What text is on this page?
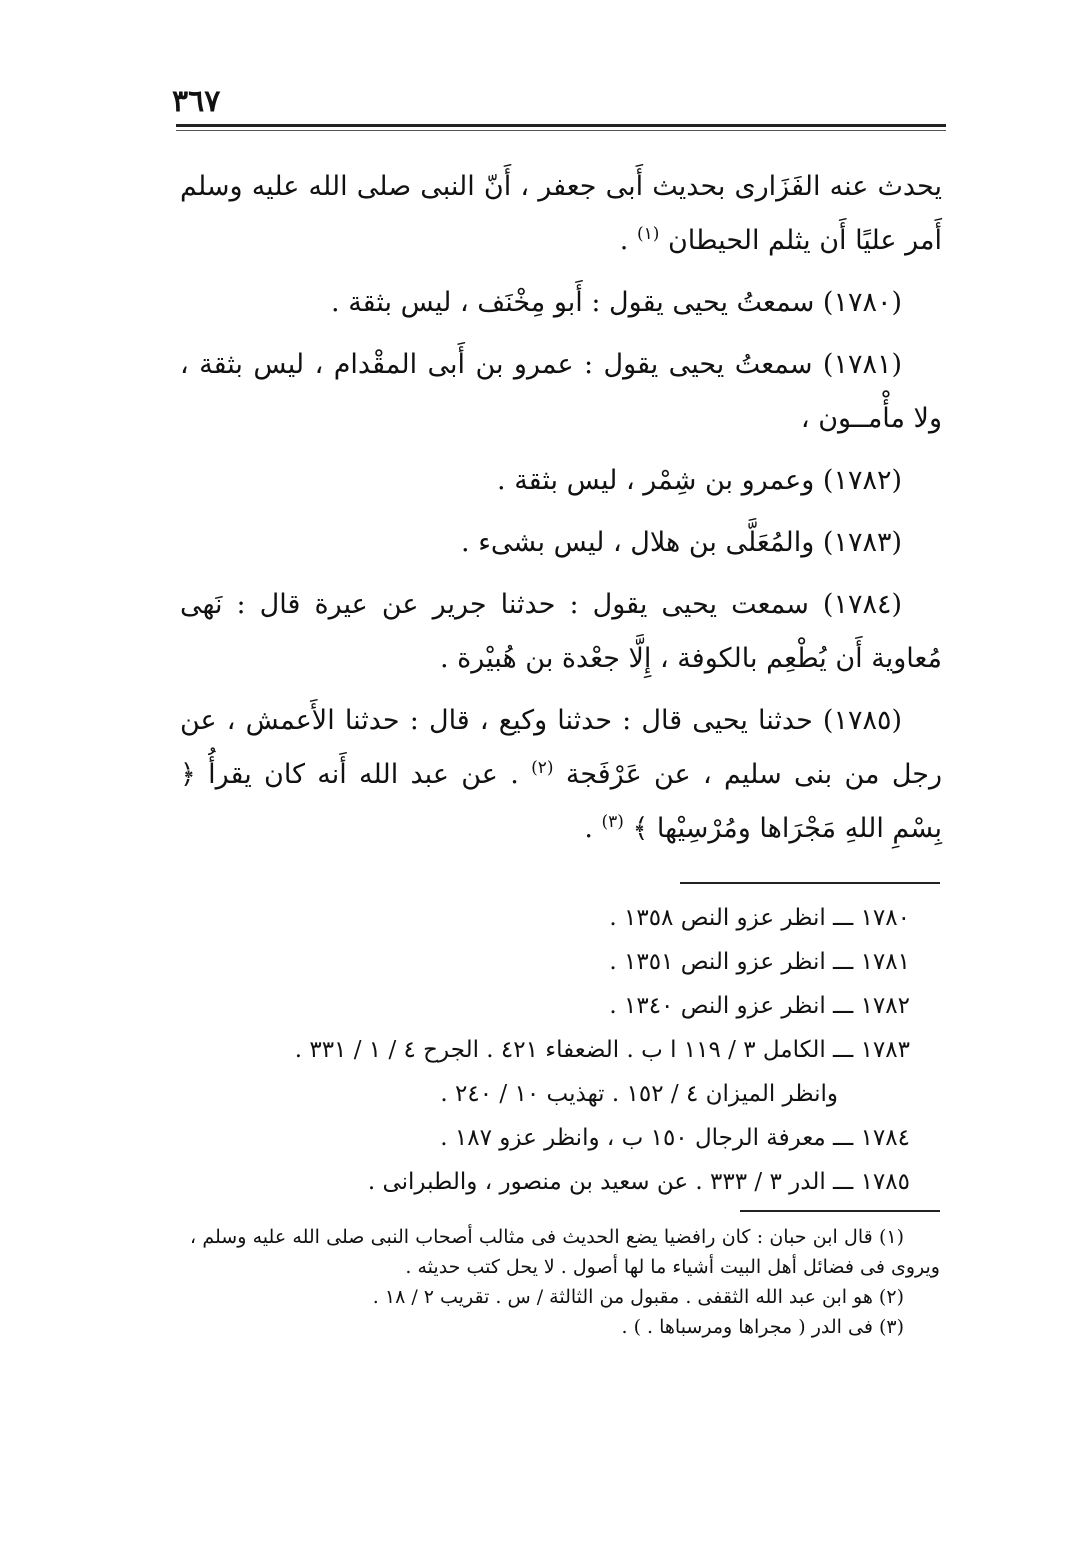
٣٦٧

يحدث عنه الفَزَارى بحديث أَبى جعفر ، أَنّ النبى صلى الله عليه وسلم أَمر عليًا أَن يثلم الحيطان $^{(١)}$ .

(١٧٨٠) سمعتُ يحيى يقول : أَبو مِخْنَف ، ليس بثقة .

(١٧٨١) سمعتُ يحيى يقول : عمرو بن أَبى المقْدام ، ليس بثقة ، ولا مأْمــون ،

(١٧٨٢) وعمرو بن شِمْر ، ليس بثقة .

(١٧٨٣) والمُعَلَّى بن هلال ، ليس بشىء .

(١٧٨٤) سمعت يحيى يقول : حدثنا جرير عن عيرة قال : نَهى مُعاوية أَن يُطْعِم بالكوفة ، إِلَّا جعْدة بن هُبيْرة .

(١٧٨٥) حدثنا يحيى قال : حدثنا وكيع ، قال : حدثنا الأَعمش ، عن رجل من بنى سليم ، عن عَرْفَجة $^{(٢)}$ . عن عبد الله أَنه كان يقرأُ ﴿ بِسْمِ اللهِ مَجْرَاها ومُرْسِيْها ﴾ $^{(٣)}$ .

١٧٨٠ ـــ انظر عزو النص ١٣٥٨ .

١٧٨١ ـــ انظر عزو النص ١٣٥١ .

١٧٨٢ ـــ انظر عزو النص ١٣٤٠ .

١٧٨٣ ـــ الكامل ٣ / ١١٩ ا ب . الضعفاء ٤٢١ . الجرح ٤ / ١ / ٣٣١ .

وانظر الميزان ٤ / ١٥٢ . تهذيب ١٠ / ٢٤٠ .

١٧٨٤ ـــ معرفة الرجال ١٥٠ ب ، وانظر عزو ١٨٧ .

١٧٨٥ ـــ الدر ٣ / ٣٣٣ . عن سعيد بن منصور ، والطبرانى .

(١) قال ابن حبان : كان رافضيا يضع الحديث فى مثالب أصحاب النبى صلى الله عليه وسلم ، ويروى فى فضائل أهل البيت أشياء ما لها أصول . لا يحل كتب حديثه .

(٢) هو ابن عبد الله الثقفى . مقبول من الثالثة / س . تقريب ٢ / ١٨ .

(٣) فى الدر ( مجراها ومرسباها . ) .
